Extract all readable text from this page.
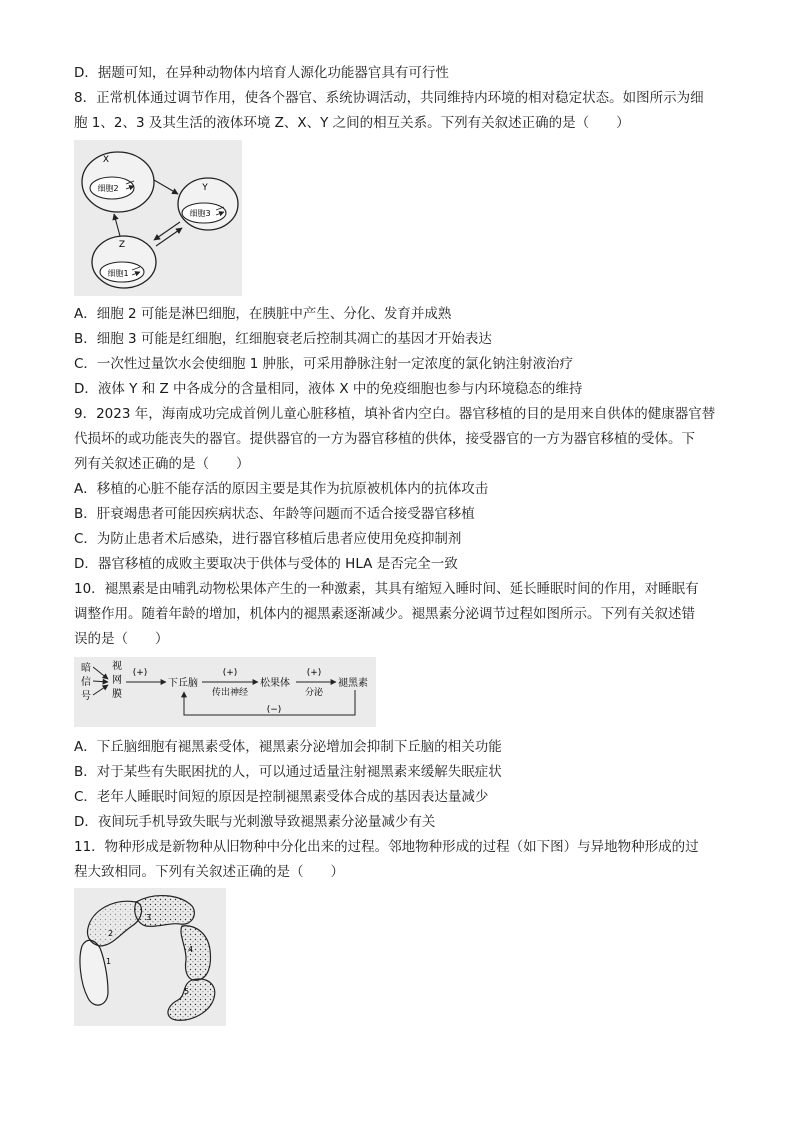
D．据题可知，在异种动物体内培育人源化功能器官具有可行性
8．正常机体通过调节作用，使各个器官、系统协调活动，共同维持内环境的相对稳定状态。如图所示为细
胞 1、2、3 及其生活的液体环境 Z、X、Y 之间的相互关系。下列有关叙述正确的是（　　）
X
细胞2	Y
细胞3
Z
细胞1
A．细胞 2 可能是淋巴细胞，在胰脏中产生、分化、发育并成熟
B．细胞 3 可能是红细胞，红细胞衰老后控制其凋亡的基因才开始表达
C．一次性过量饮水会使细胞 1 肿胀，可采用静脉注射一定浓度的氯化钠注射液治疗
D．液体 Y 和 Z 中各成分的含量相同，液体 X 中的免疫细胞也参与内环境稳态的维持
9．2023 年，海南成功完成首例儿童心脏移植，填补省内空白。器官移植的目的是用来自供体的健康器官替
代损坏的或功能丧失的器官。提供器官的一方为器官移植的供体，接受器官的一方为器官移植的受体。下
列有关叙述正确的是（　　）
A．移植的心脏不能存活的原因主要是其作为抗原被机体内的抗体攻击
B．肝衰竭患者可能因疾病状态、年龄等问题而不适合接受器官移植
C．为防止患者术后感染，进行器官移植后患者应使用免疫抑制剂
D．器官移植的成败主要取决于供体与受体的 HLA 是否完全一致
10．褪黑素是由哺乳动物松果体产生的一种激素，其具有缩短入睡时间、延长睡眠时间的作用，对睡眠有
调整作用。随着年龄的增加，机体内的褪黑素逐渐减少。褪黑素分泌调节过程如图所示。下列有关叙述错
误的是（　　）
暗
信
号
视
网
膜
(+)
下丘脑
(+)
传出神经
松果体
(+)
分泌
褪黑素
(−)
A．下丘脑细胞有褪黑素受体，褪黑素分泌增加会抑制下丘脑的相关功能
B．对于某些有失眠困扰的人，可以通过适量注射褪黑素来缓解失眠症状
C．老年人睡眠时间短的原因是控制褪黑素受体合成的基因表达量减少
D．夜间玩手机导致失眠与光刺激导致褪黑素分泌量减少有关
11．物种形成是新物种从旧物种中分化出来的过程。邻地物种形成的过程（如下图）与异地物种形成的过
程大致相同。下列有关叙述正确的是（　　）
1
2
3
4
5
